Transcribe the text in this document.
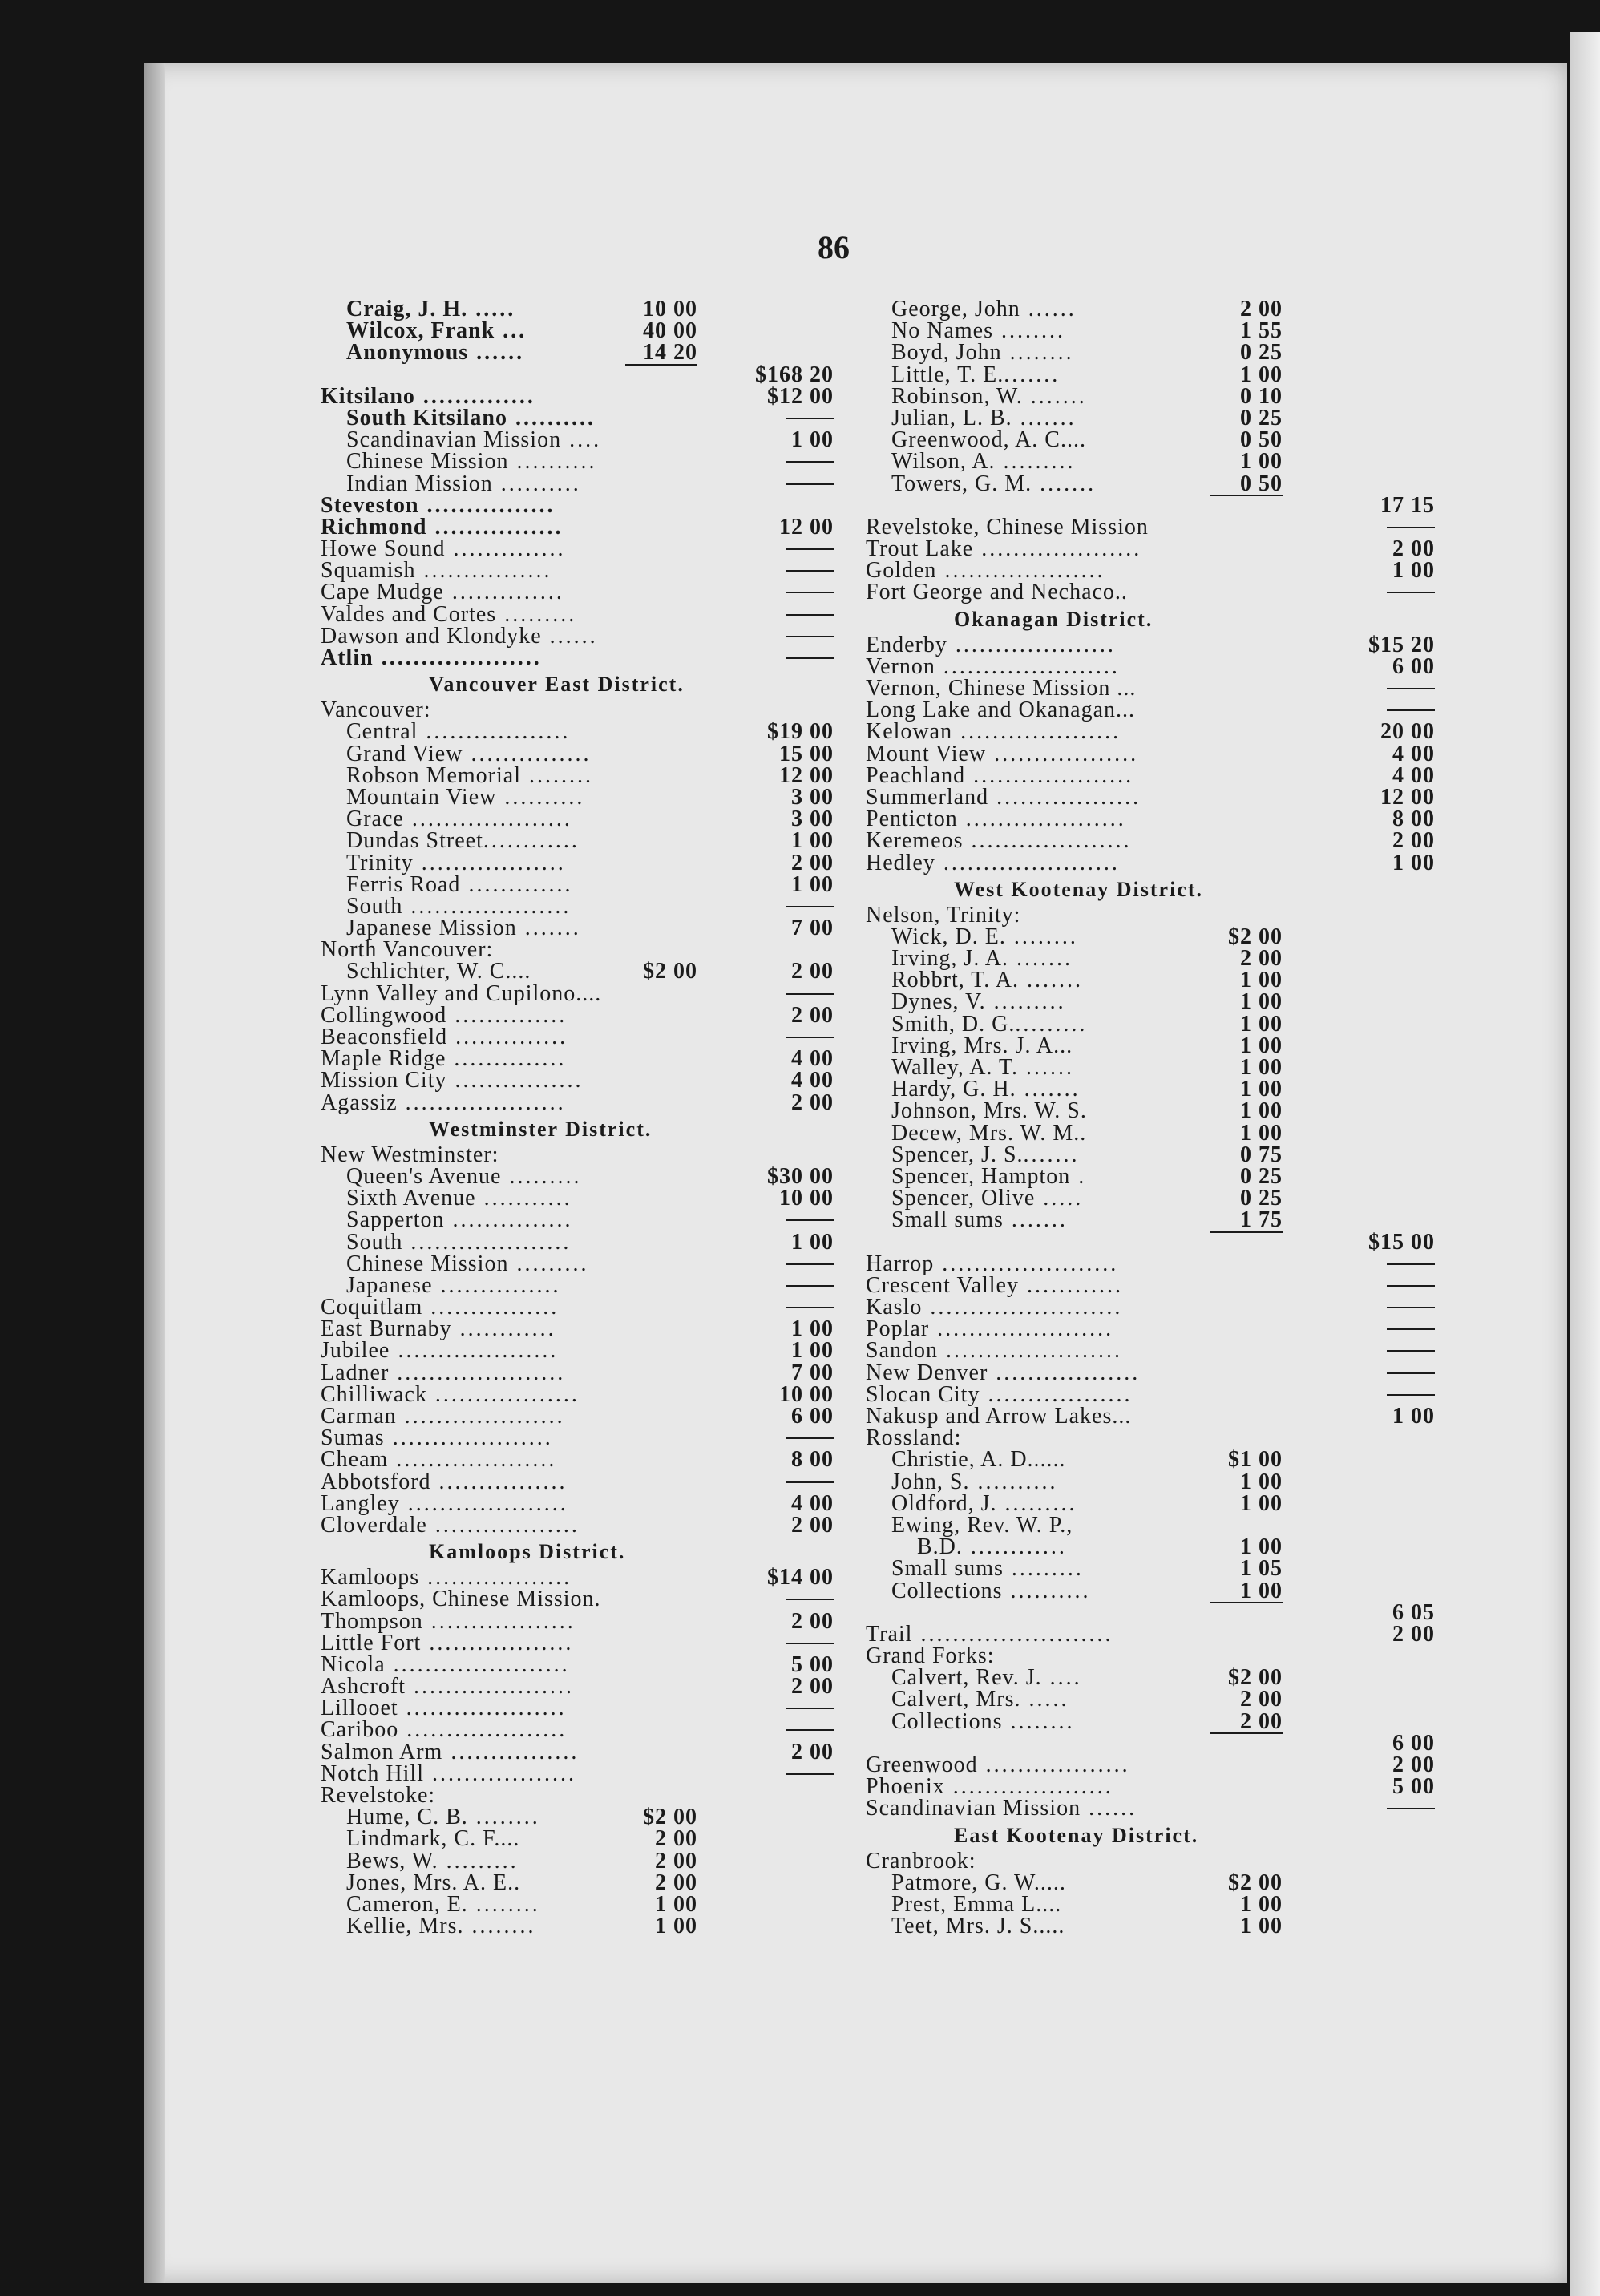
86
Craig, J. H. .....	10 00
Wilcox, Frank ...	40 00
Anonymous ......	14 20
$168 20
Kitsilano ..............	$12 00
South Kitsilano ..........
Scandinavian Mission ....	1 00
Chinese Mission ..........
Indian Mission ..........
Steveston ................
Richmond ................	12 00
Howe Sound ..............
Squamish ................
Cape Mudge ..............
Valdes and Cortes .........
Dawson and Klondyke ......
Atlin ....................
Vancouver East District.
Vancouver:
Central ..................	$19 00
Grand View ...............	15 00
Robson Memorial ........	12 00
Mountain View ..........	3 00
Grace ....................	3 00
Dundas Street............	1 00
Trinity ..................	2 00
Ferris Road .............	1 00
South ....................
Japanese Mission .......	7 00
North Vancouver:
Schlichter, W. C....	$2 00	2 00
Lynn Valley and Cupilono....
Collingwood ..............	2 00
Beaconsfield ..............
Maple Ridge ..............	4 00
Mission City ................	4 00
Agassiz ....................	2 00
Westminster District.
New Westminster:
Queen's Avenue .........	$30 00
Sixth Avenue ...........	10 00
Sapperton ...............
South ....................	1 00
Chinese Mission .........
Japanese ...............
Coquitlam ................
East Burnaby ............	1 00
Jubilee ....................	1 00
Ladner .....................	7 00
Chilliwack ..................	10 00
Carman ....................	6 00
Sumas ....................
Cheam ....................	8 00
Abbotsford ................
Langley ....................	4 00
Cloverdale ..................	2 00
Kamloops District.
Kamloops ..................	$14 00
Kamloops, Chinese Mission.
Thompson ..................	2 00
Little Fort ..................
Nicola ......................	5 00
Ashcroft ....................	2 00
Lillooet ....................
Cariboo ....................
Salmon Arm ................	2 00
Notch Hill ..................
Revelstoke:
Hume, C. B. ........	$2 00
Lindmark, C. F....	2 00
Bews, W. .........	2 00
Jones, Mrs. A. E..	2 00
Cameron, E. ........	1 00
Kellie, Mrs. ........	1 00
George, John ......	2 00
No Names ........	1 55
Boyd, John ........	0 25
Little, T. E........	1 00
Robinson, W. .......	0 10
Julian, L. B. .......	0 25
Greenwood, A. C....	0 50
Wilson, A. .........	1 00
Towers, G. M. .......	0 50
17 15
Revelstoke, Chinese Mission
Trout Lake ....................	2 00
Golden ....................	1 00
Fort George and Nechaco..
Okanagan District.
Enderby ....................	$15 20
Vernon ......................	6 00
Vernon, Chinese Mission ...
Long Lake and Okanagan...
Kelowan ....................	20 00
Mount View ..................	4 00
Peachland ....................	4 00
Summerland ..................	12 00
Penticton ....................	8 00
Keremeos ....................	2 00
Hedley ......................	1 00
West Kootenay District.
Nelson, Trinity:
Wick, D. E. ........	$2 00
Irving, J. A. .......	2 00
Robbrt, T. A. .......	1 00
Dynes, V. .........	1 00
Smith, D. G..........	1 00
Irving, Mrs. J. A...	1 00
Walley, A. T. ......	1 00
Hardy, G. H. .......	1 00
Johnson, Mrs. W. S.	1 00
Decew, Mrs. W. M..	1 00
Spencer, J. S........	0 75
Spencer, Hampton .	0 25
Spencer, Olive .....	0 25
Small sums .......	1 75
$15 00
Harrop ......................
Crescent Valley ............
Kaslo ........................
Poplar ......................
Sandon ......................
New Denver ..................
Slocan City ..................
Nakusp and Arrow Lakes...	1 00
Rossland:
Christie, A. D......	$1 00
John, S. ..........	1 00
Oldford, J. .........	1 00
Ewing, Rev. W. P.,
B.D. ............	1 00
Small sums .........	1 05
Collections ..........	1 00
6 05
Trail ........................	2 00
Grand Forks:
Calvert, Rev. J. ....	$2 00
Calvert, Mrs. .....	2 00
Collections ........	2 00
6 00
Greenwood ..................	2 00
Phoenix ....................	5 00
Scandinavian Mission ......
East Kootenay District.
Cranbrook:
Patmore, G. W.....	$2 00
Prest, Emma L....	1 00
Teet, Mrs. J. S.....	1 00
